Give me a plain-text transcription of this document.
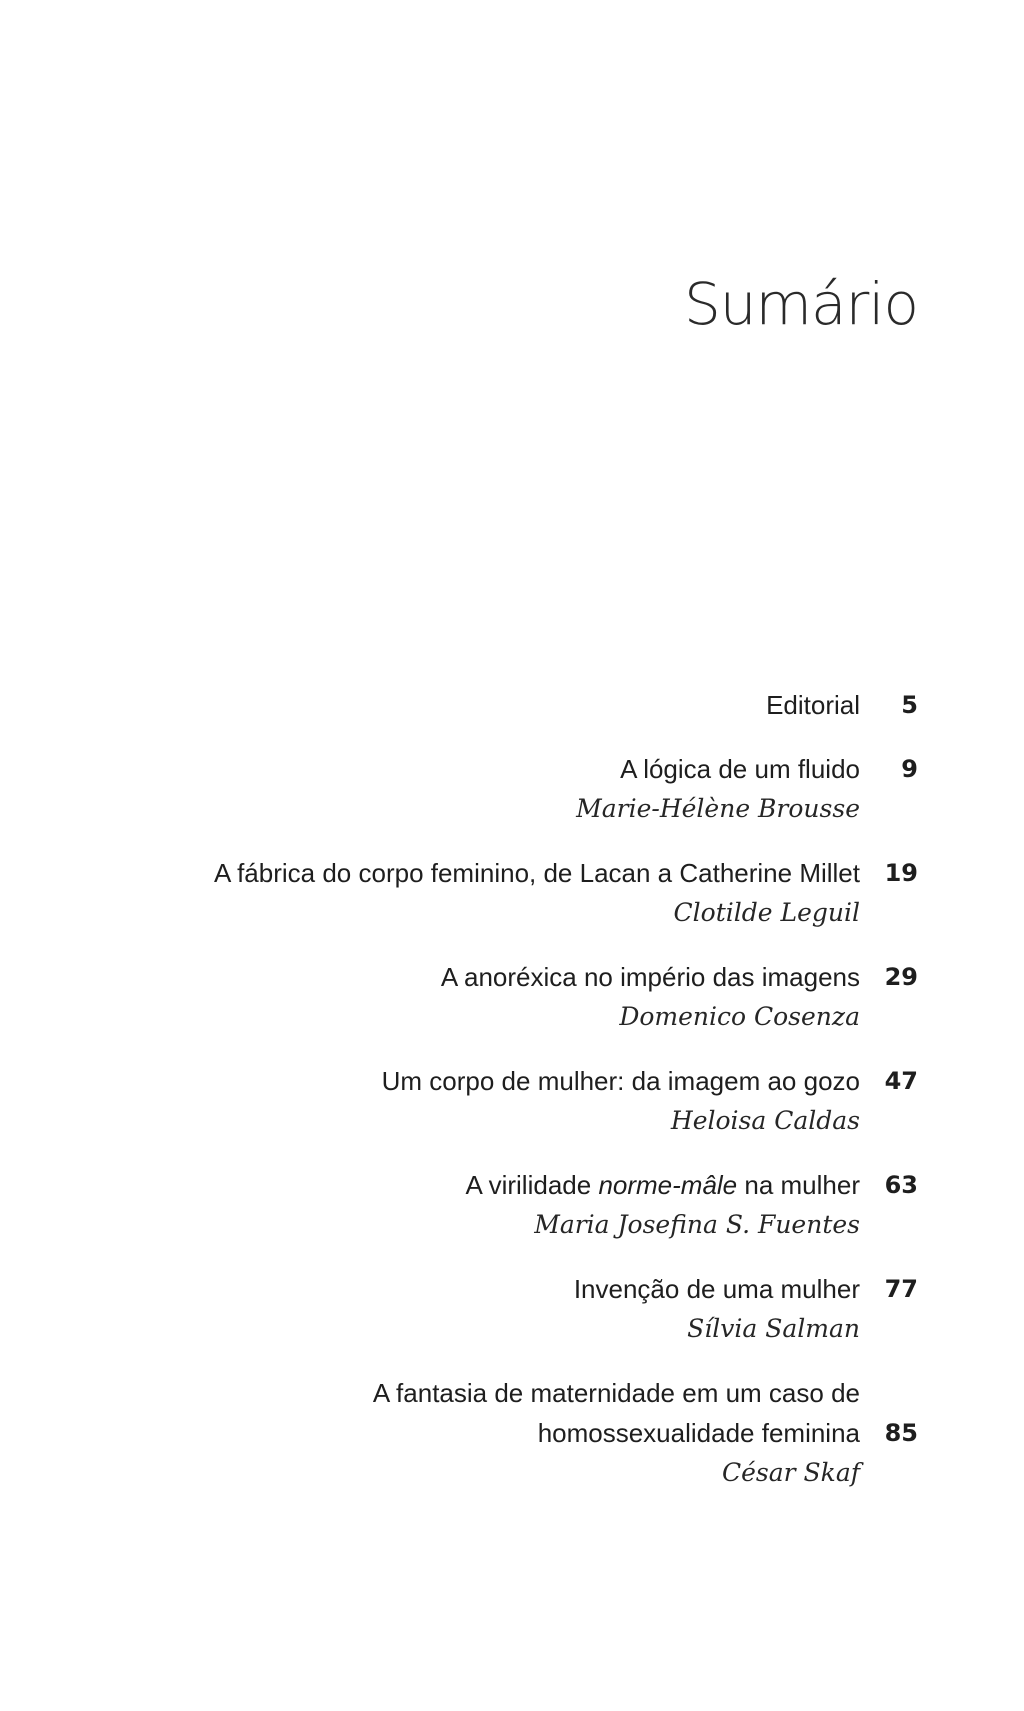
Sumário
Editorial	5
A lógica de um fluido	9
Marie-Hélène Brousse
A fábrica do corpo feminino, de Lacan a Catherine Millet	19
Clotilde Leguil
A anoréxica no império das imagens	29
Domenico Cosenza
Um corpo de mulher: da imagem ao gozo	47
Heloisa Caldas
A virilidade norme-mâle na mulher	63
Maria Josefina S. Fuentes
Invenção de uma mulher	77
Sílvia Salman
A fantasia de maternidade em um caso de
homossexualidade feminina	85
César Skaf
